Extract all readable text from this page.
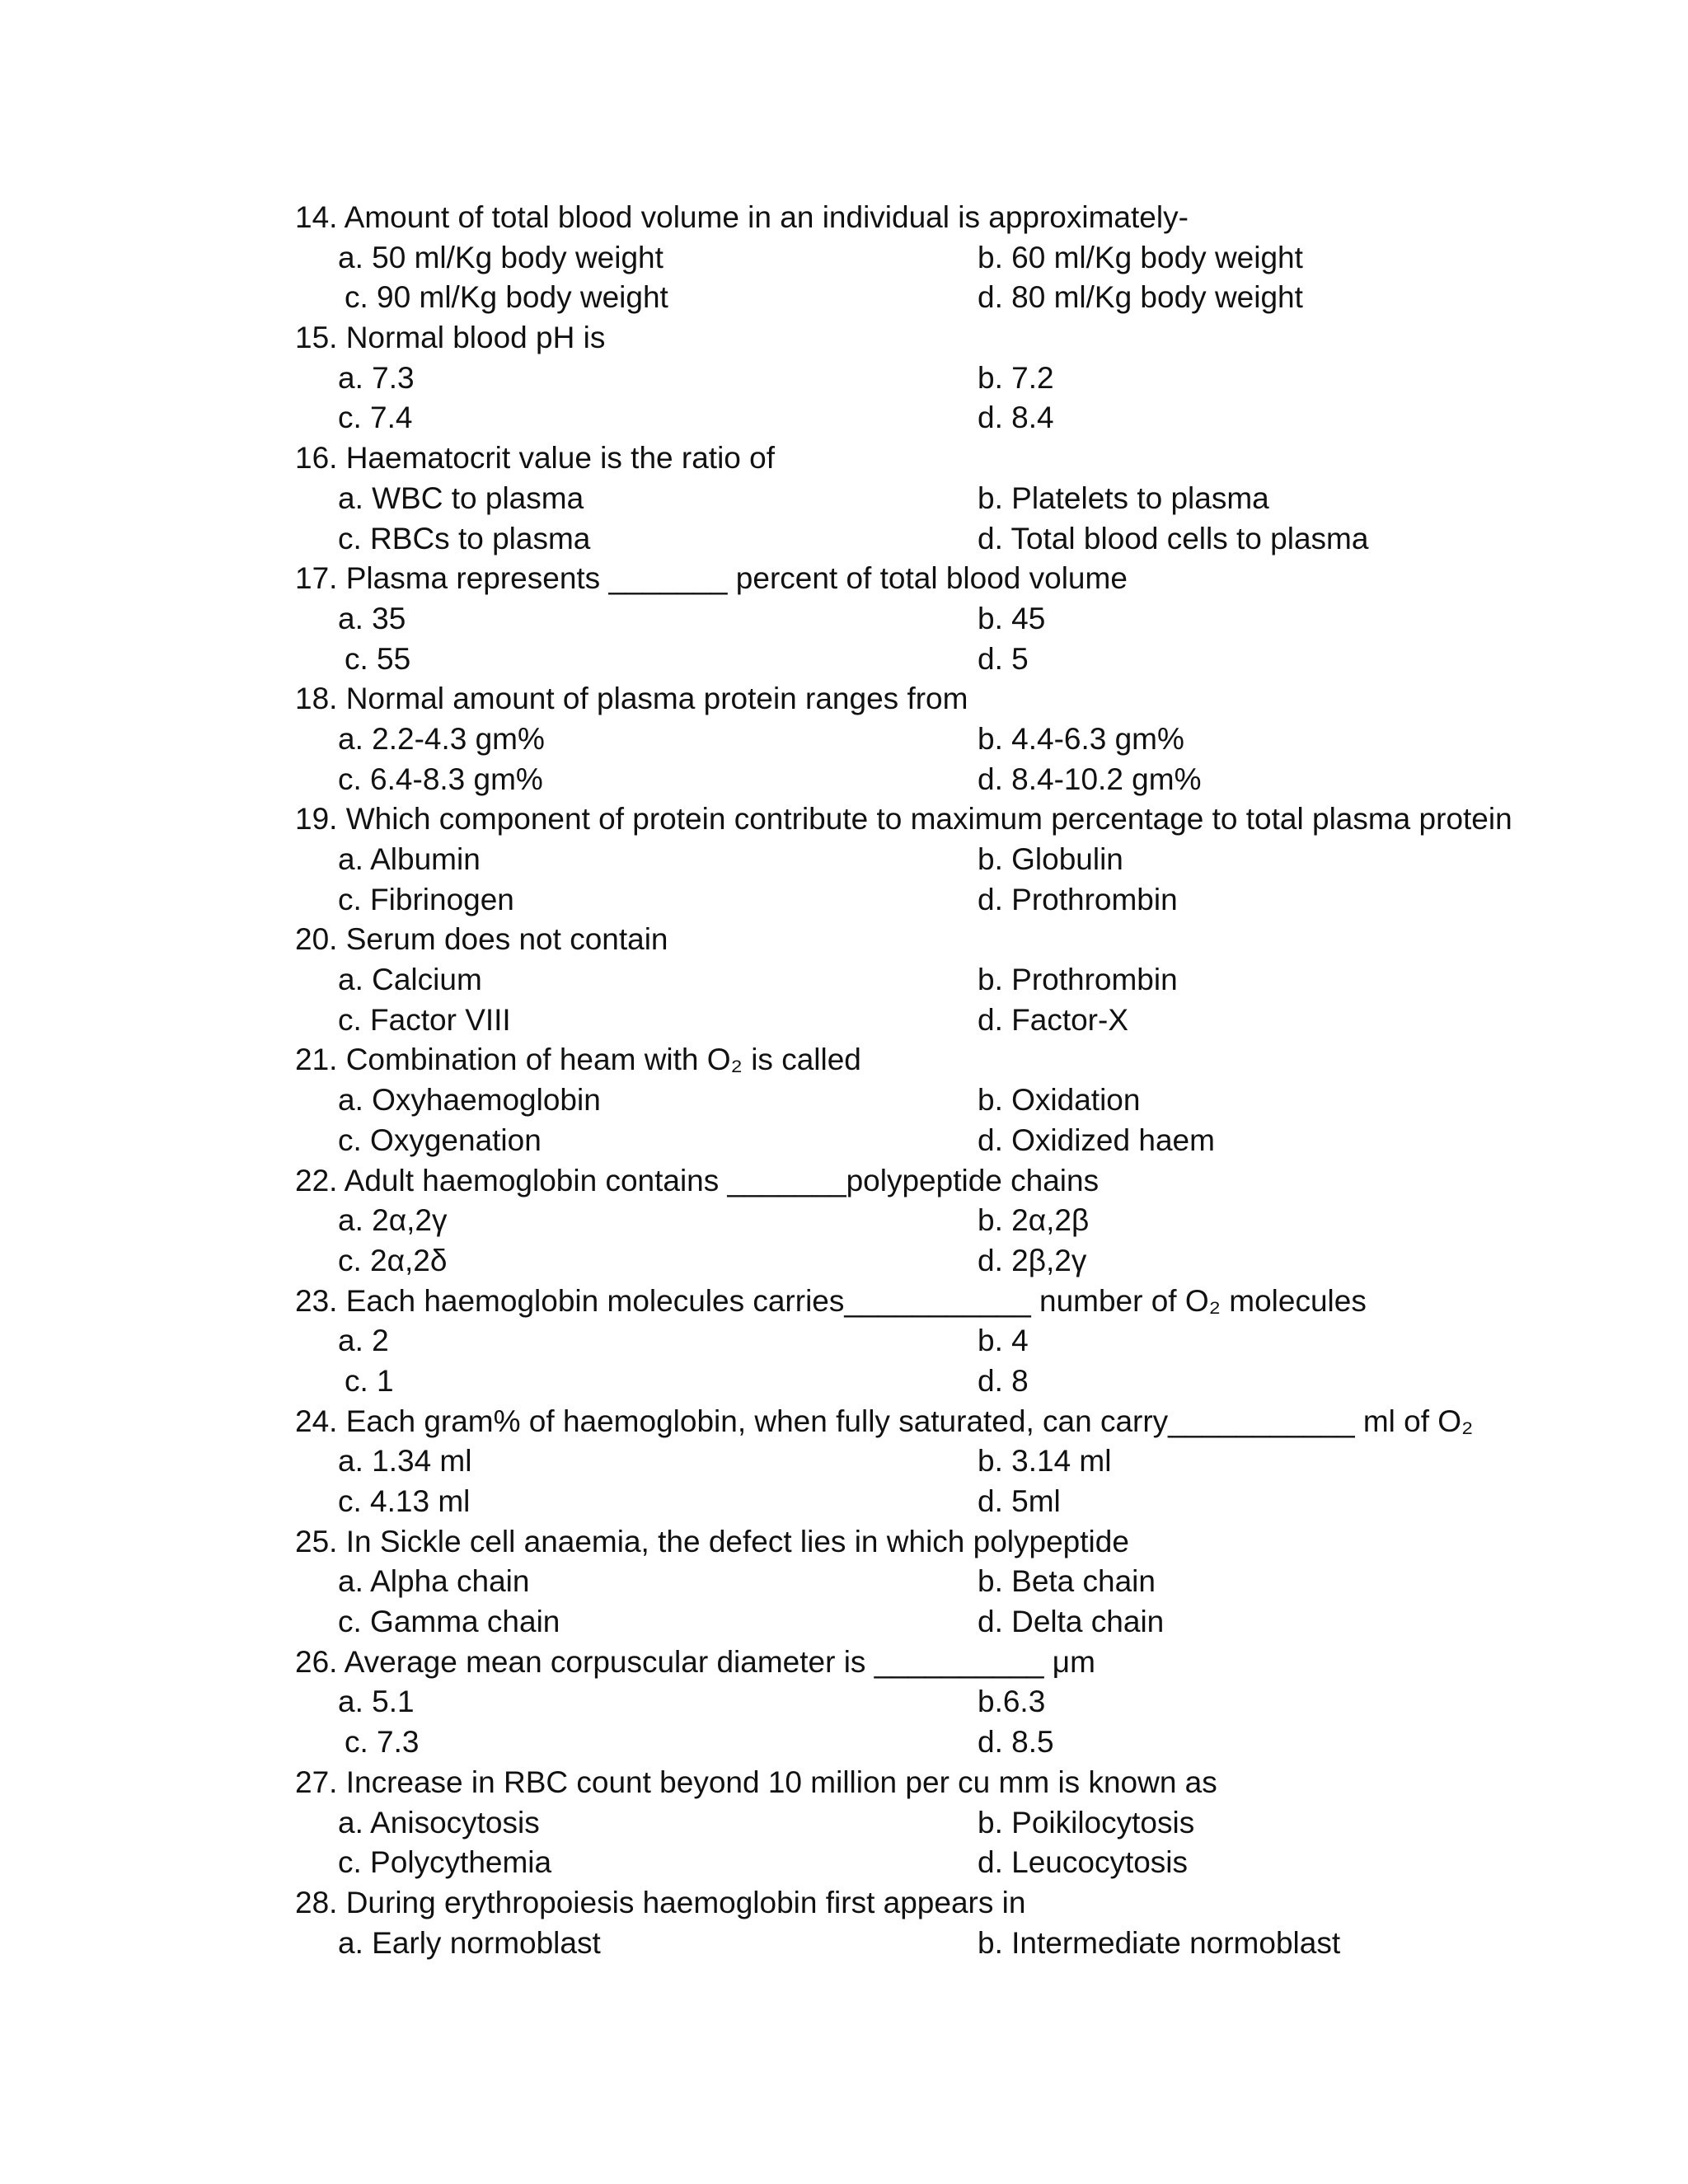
14. Amount of total blood volume in an individual is approximately-
a. 50 ml/Kg body weight	b. 60 ml/Kg body weight
c. 90 ml/Kg body weight	d. 80 ml/Kg body weight
15. Normal blood pH is
a. 7.3	b. 7.2
c. 7.4	d. 8.4
16. Haematocrit value is the ratio of
a. WBC to plasma	b. Platelets to plasma
c. RBCs to plasma	d. Total blood cells to plasma
17. Plasma represents _______ percent of total blood volume
a. 35	b. 45
c. 55	d. 5
18. Normal amount of plasma protein ranges from
a. 2.2-4.3 gm%	b. 4.4-6.3 gm%
c. 6.4-8.3 gm%	d. 8.4-10.2 gm%
19. Which component of protein contribute to maximum percentage to total plasma protein
a. Albumin	b. Globulin
c. Fibrinogen	d. Prothrombin
20. Serum does not contain
a. Calcium	b. Prothrombin
c. Factor VIII	d. Factor-X
21. Combination of heam with O₂ is called
a. Oxyhaemoglobin	b. Oxidation
c. Oxygenation	d. Oxidized haem
22. Adult haemoglobin contains _______polypeptide chains
a. 2α,2γ	b. 2α,2β
c. 2α,2δ	d. 2β,2γ
23. Each haemoglobin molecules carries___________ number of O₂ molecules
a. 2	b. 4
c. 1	d. 8
24. Each gram% of haemoglobin, when fully saturated, can carry___________ ml of O₂
a. 1.34 ml	b. 3.14 ml
c. 4.13 ml	d. 5ml
25. In Sickle cell anaemia, the defect lies in which polypeptide
a. Alpha chain	b. Beta chain
c. Gamma chain	d. Delta chain
26. Average mean corpuscular diameter is __________ μm
a. 5.1	b.6.3
c. 7.3	d. 8.5
27. Increase in RBC count beyond 10 million per cu mm is known as
a. Anisocytosis	b. Poikilocytosis
c. Polycythemia	d. Leucocytosis
28. During erythropoiesis haemoglobin first appears in
a. Early normoblast	b. Intermediate normoblast
